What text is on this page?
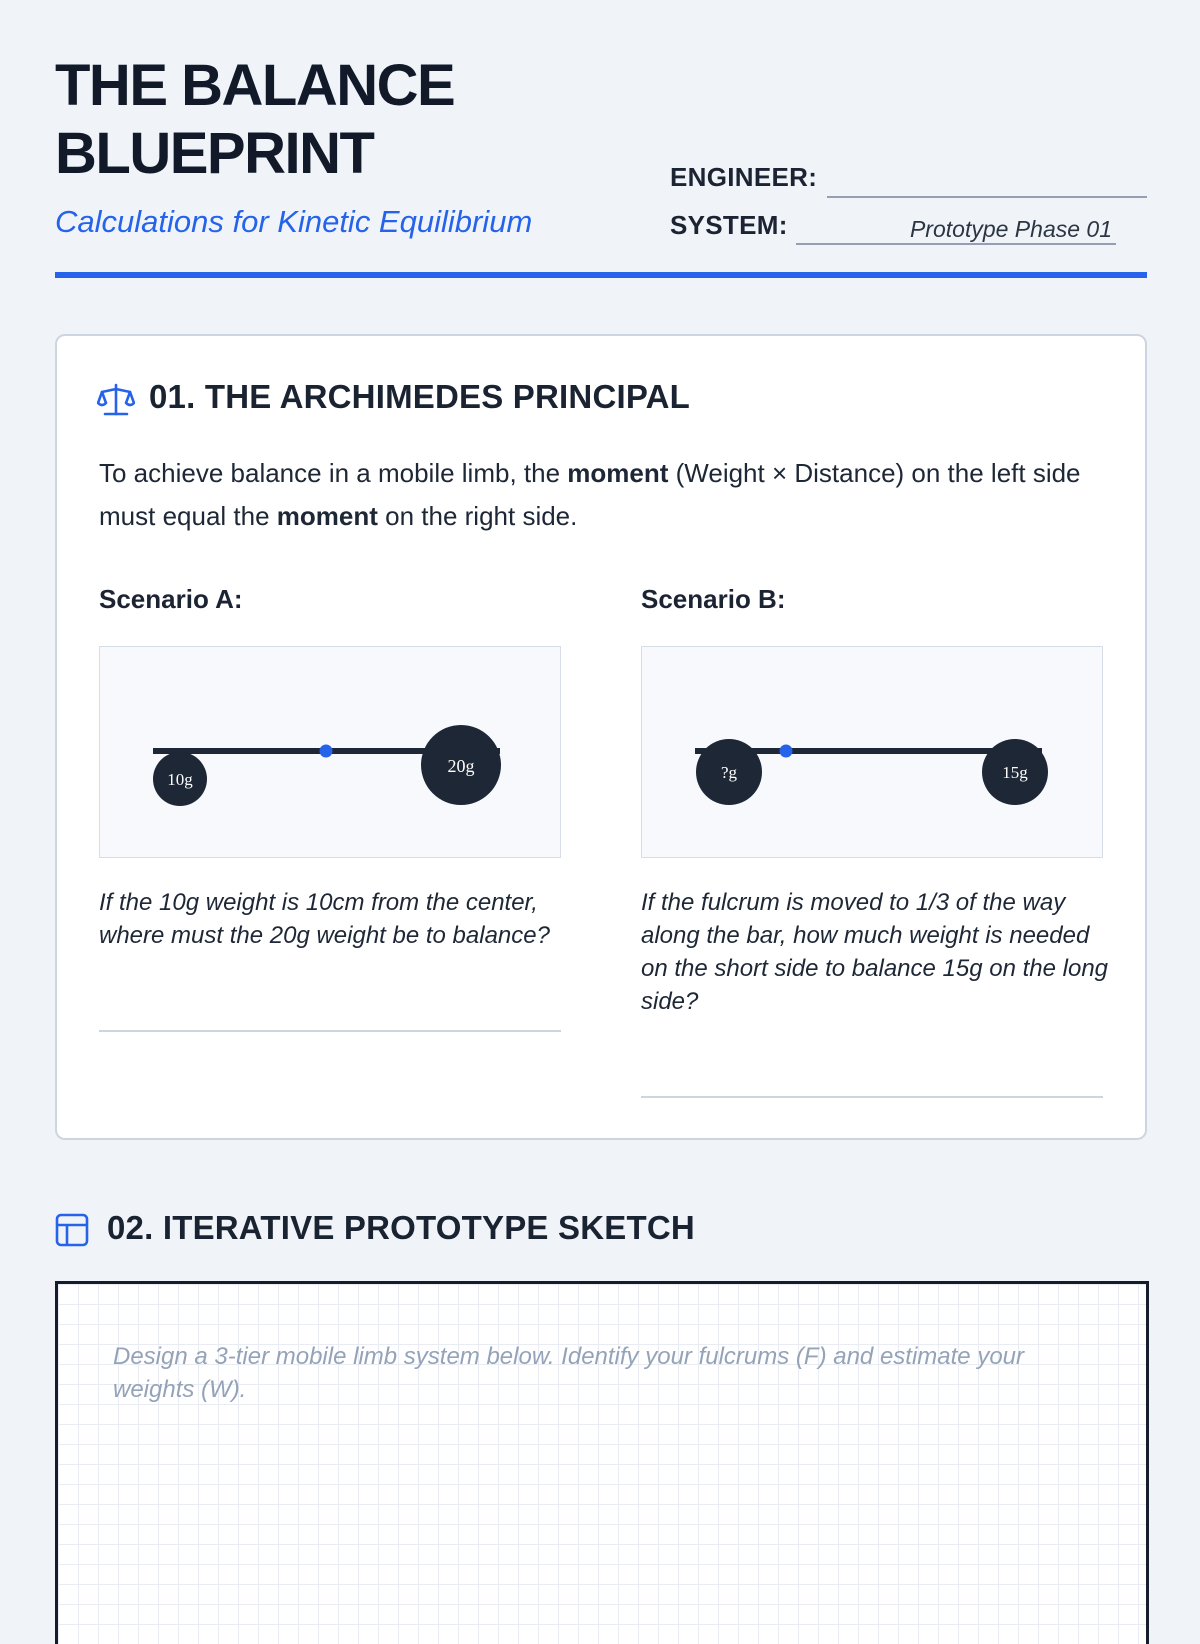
THE BALANCE
BLUEPRINT

Calculations for Kinetic Equilibrium

ENGINEER:
SYSTEM:	Prototype Phase 01
01. THE ARCHIMEDES PRINCIPAL

To achieve balance in a mobile limb, the moment (Weight × Distance) on the left side must equal the moment on the right side.

Scenario A:
10g
20g

If the 10g weight is 10cm from the center, where must the 20g weight be to balance?

Scenario B:
?g	15g

If the fulcrum is moved to 1/3 of the way along the bar, how much weight is needed on the short side to balance 15g on the long side?

02. ITERATIVE PROTOTYPE SKETCH

Design a 3-tier mobile limb system below. Identify your fulcrums (F) and estimate your weights (W).
